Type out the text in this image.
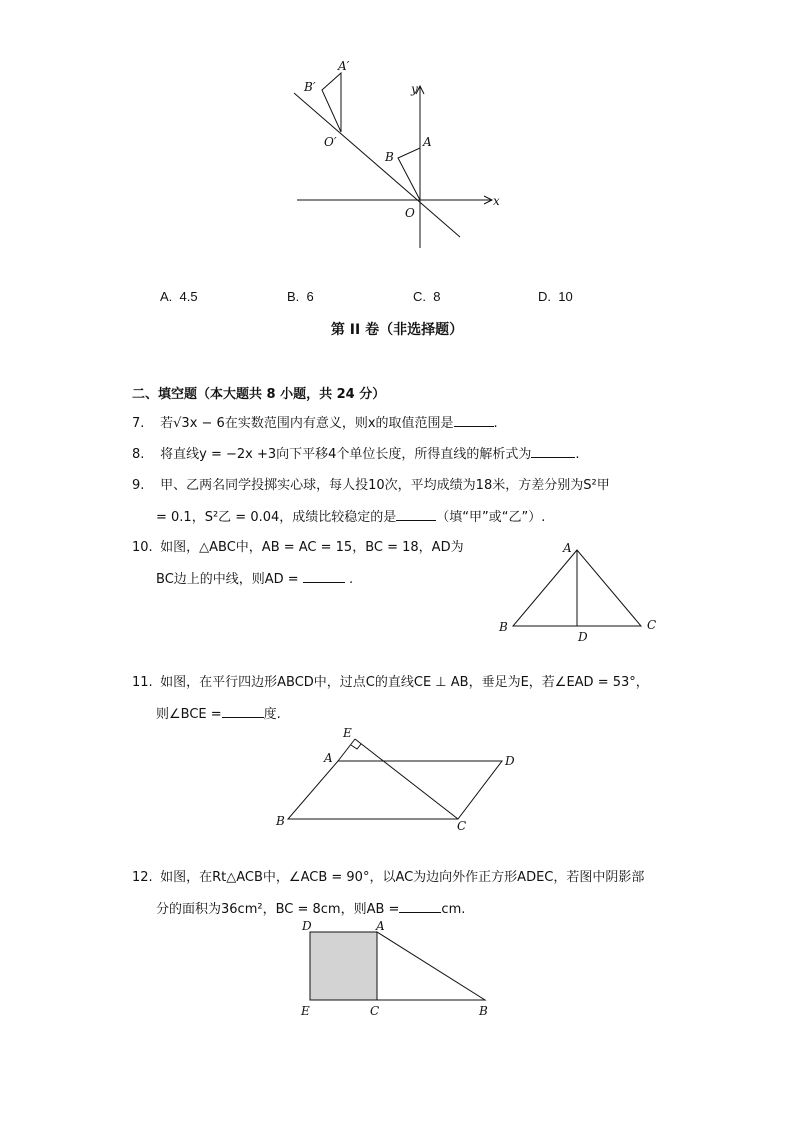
A′
B′
O′	A
B
O
x
y
A. 4.5	B. 6	C. 8	D. 10
第 II 卷（非选择题）
二、填空题（本大题共 8 小题，共 24 分）
7. 若√3x − 6在实数范围内有意义，则x的取值范围是	.
8. 将直线y = −2x +3向下平移4个单位长度，所得直线的解析式为	.
9. 甲、乙两名同学投掷实心球，每人投10次，平均成绩为18米，方差分别为S²甲
= 0.1，S²乙 = 0.04，成绩比较稳定的是	（填“甲”或“乙”）.
10. 如图，△ABC中，AB = AC = 15，BC = 18，AD为
BC边上的中线，则AD =	.
A
B	C
D
11. 如图，在平行四边形ABCD中，过点C的直线CE ⊥ AB，垂足为E，若∠EAD = 53°，
则∠BCE =	度.
E
A	D
B	C
12. 如图，在Rt△ACB中，∠ACB = 90°，以AC为边向外作正方形ADEC，若图中阴影部
分的面积为36cm²，BC = 8cm，则AB =	cm.
D	A
E	C	B
